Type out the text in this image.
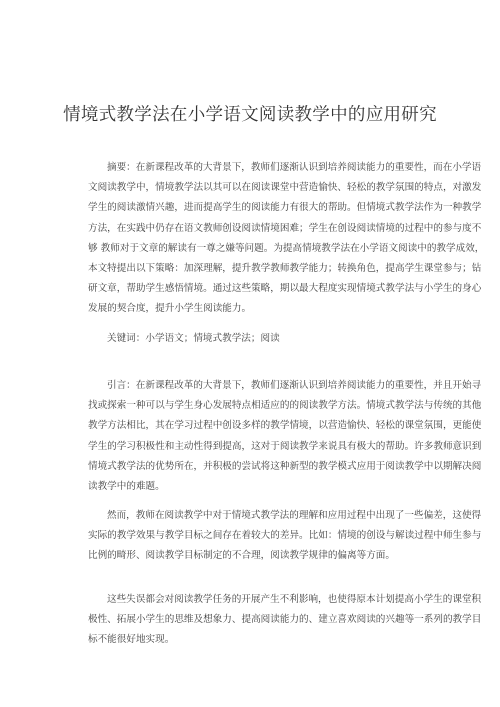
情境式教学法在小学语文阅读教学中的应用研究

摘要：在新课程改革的大背景下，教师们逐渐认识到培养阅读能力的重要性，而在小学语
文阅读教学中，情境教学法以其可以在阅读课堂中营造愉快、轻松的教学氛围的特点，对激发
学生的阅读激情兴趣，进而提高学生的阅读能力有很大的帮助。但情境式教学法作为一种教学
方法，在实践中仍存在语文教师创设阅读情境困难；学生在创设阅读情境的过程中的参与度不
够 教师对于文章的解读有一尊之嫌等问题。为提高情境教学法在小学语文阅读中的教学成效，
本文特提出以下策略：加深理解，提升教学教师教学能力；转换角色，提高学生课堂参与；钻
研文章，帮助学生感悟情境。通过这些策略，期以最大程度实现情境式教学法与小学生的身心
发展的契合度，提升小学生阅读能力。

关键词：小学语文；情境式教学法；阅读

引言：在新课程改革的大背景下，教师们逐渐认识到培养阅读能力的重要性，并且开始寻
找或探索一种可以与学生身心发展特点相适应的的阅读教学方法。情境式教学法与传统的其他
教学方法相比，其在学习过程中创设多样的教学情境，以营造愉快、轻松的课堂氛围，更能使
学生的学习积极性和主动性得到提高，这对于阅读教学来说具有极大的帮助。许多教师意识到
情境式教学法的优势所在，并积极的尝试将这种新型的教学模式应用于阅读教学中以期解决阅
读教学中的难题。

然而，教师在阅读教学中对于情境式教学法的理解和应用过程中出现了一些偏差，这使得
实际的教学效果与教学目标之间存在着较大的差异。比如：情境的创设与解读过程中师生参与
比例的畸形、阅读教学目标制定的不合理，阅读教学规律的偏离等方面。

这些失误都会对阅读教学任务的开展产生不利影响，也使得原本计划提高小学生的课堂积
极性、拓展小学生的思维及想象力、提高阅读能力的、建立喜欢阅读的兴趣等一系列的教学目
标不能很好地实现。
